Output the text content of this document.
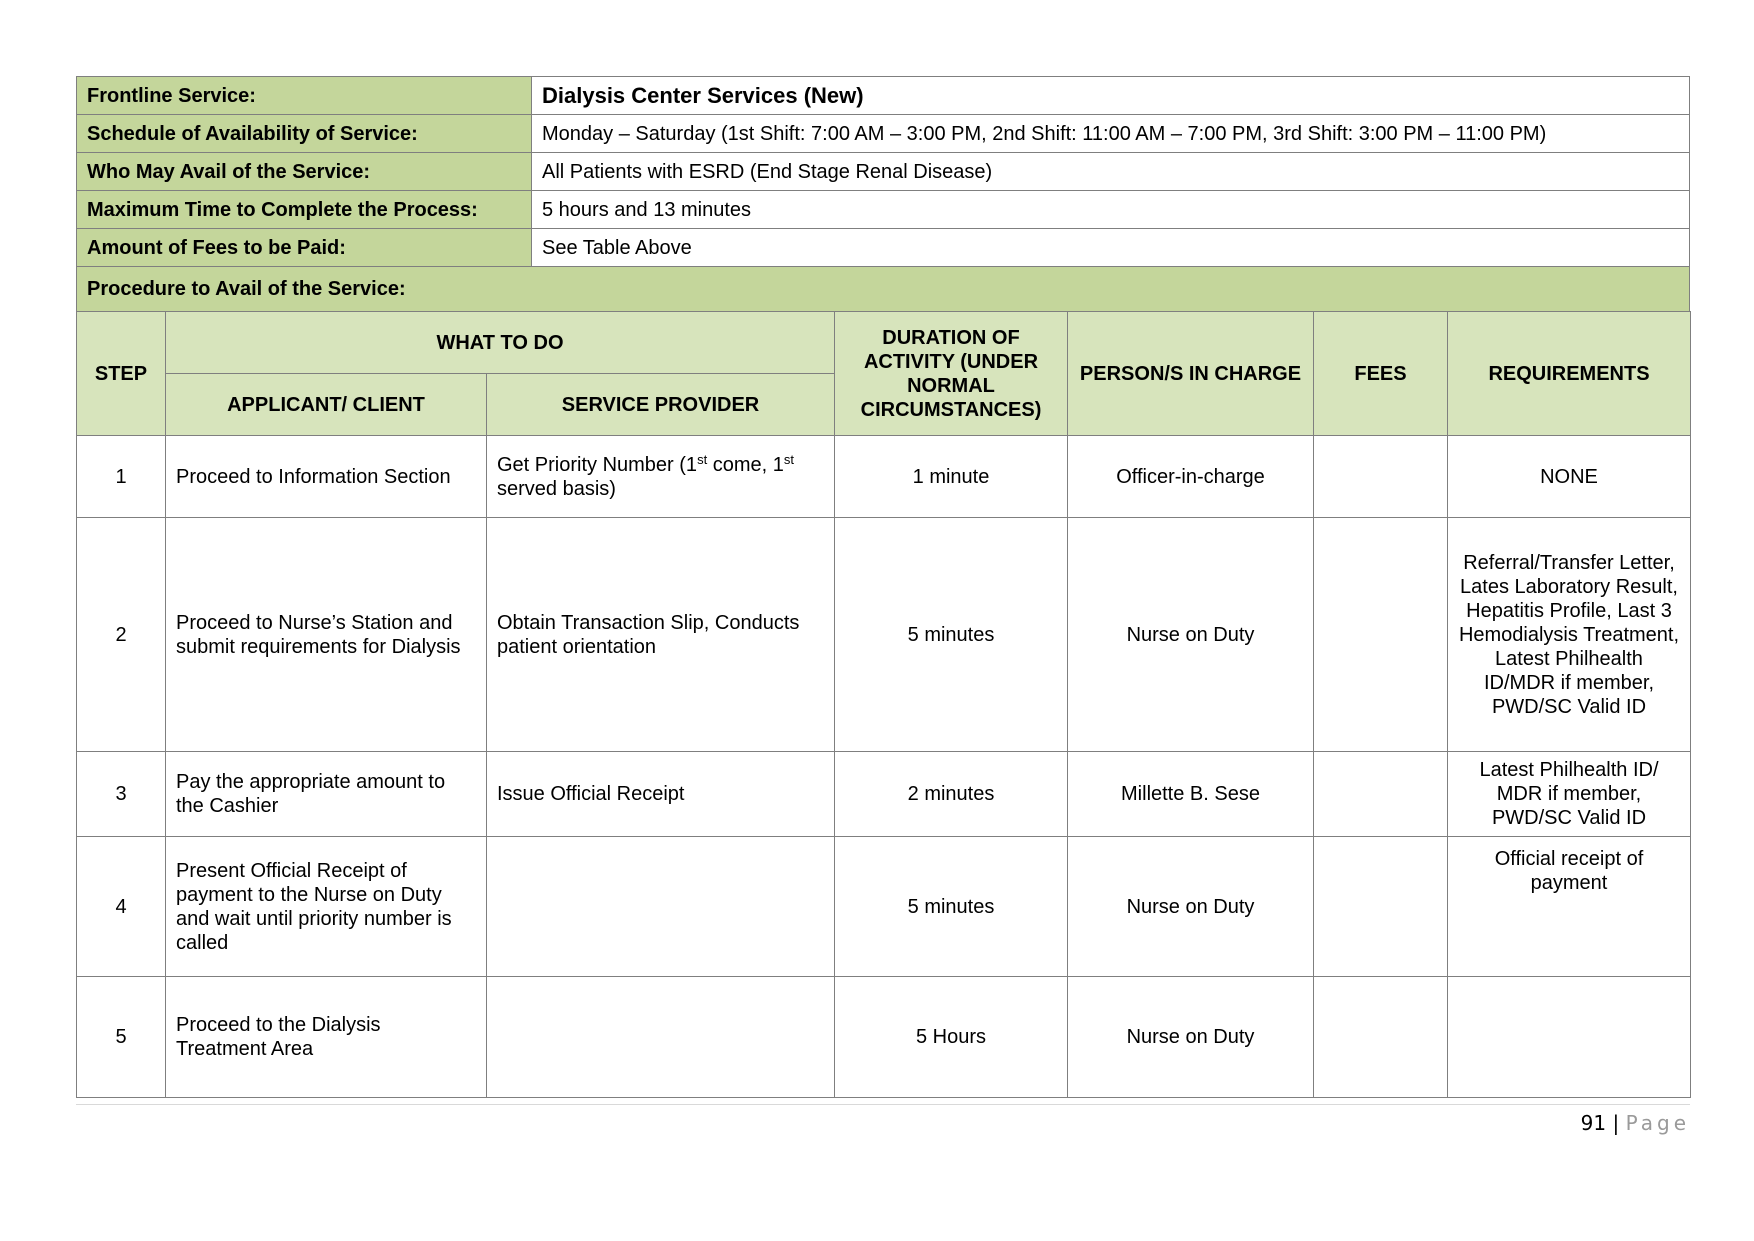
Frontline Service:	Dialysis Center Services (New)
Schedule of Availability of Service:	Monday – Saturday (1st Shift: 7:00 AM – 3:00 PM, 2nd Shift: 11:00 AM – 7:00 PM, 3rd Shift: 3:00 PM – 11:00 PM)
Who May Avail of the Service:	All Patients with ESRD (End Stage Renal Disease)
Maximum Time to Complete the Process:	5 hours and 13 minutes
Amount of Fees to be Paid:	See Table Above
Procedure to Avail of the Service:	
STEP	WHAT TO DO		DURATION OF ACTIVITY (UNDER NORMAL CIRCUMSTANCES)	PERSON/S IN CHARGE	FEES	REQUIREMENTS
	APPLICANT/ CLIENT	SERVICE PROVIDER				
1	Proceed to Information Section	Get Priority Number (1st come, 1st served basis)	1 minute	Officer-in-charge		NONE
2	Proceed to Nurse’s Station and submit requirements for Dialysis	Obtain Transaction Slip, Conducts patient orientation	5 minutes	Nurse on Duty		Referral/Transfer Letter, Lates Laboratory Result, Hepatitis Profile, Last 3 Hemodialysis Treatment, Latest Philhealth ID/MDR if member, PWD/SC Valid ID
3	Pay the appropriate amount to the Cashier	Issue Official Receipt	2 minutes	Millette B. Sese		Latest Philhealth ID/ MDR if member, PWD/SC Valid ID
4	Present Official Receipt of payment to the Nurse on Duty and wait until priority number is called		5 minutes	Nurse on Duty		Official receipt of payment
5	Proceed to the Dialysis Treatment Area		5 Hours	Nurse on Duty		
91 | Page
